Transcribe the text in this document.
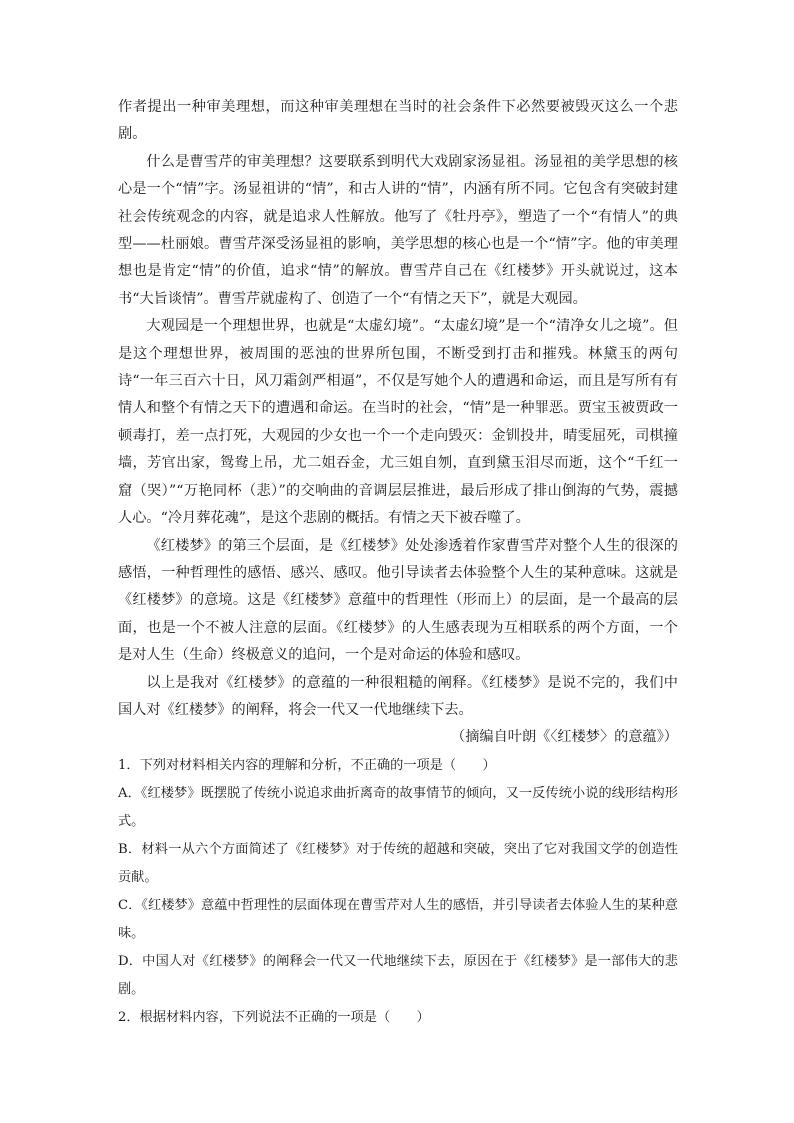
作者提出一种审美理想，而这种审美理想在当时的社会条件下必然要被毁灭这么一个悲剧。

什么是曹雪芹的审美理想？这要联系到明代大戏剧家汤显祖。汤显祖的美学思想的核心是一个“情”字。汤显祖讲的“情”，和古人讲的“情”，内涵有所不同。它包含有突破封建社会传统观念的内容，就是追求人性解放。他写了《牡丹亭》，塑造了一个“有情人”的典型——杜丽娘。曹雪芹深受汤显祖的影响，美学思想的核心也是一个“情”字。他的审美理想也是肯定“情”的价值，追求“情”的解放。曹雪芹自己在《红楼梦》开头就说过，这本书“大旨谈情”。曹雪芹就虚构了、创造了一个“有情之天下”，就是大观园。

大观园是一个理想世界，也就是“太虚幻境”。“太虚幻境”是一个“清净女儿之境”。但是这个理想世界，被周围的恶浊的世界所包围，不断受到打击和摧残。林黛玉的两句诗“一年三百六十日，风刀霜剑严相逼”，不仅是写她个人的遭遇和命运，而且是写所有有情人和整个有情之天下的遭遇和命运。在当时的社会，“情”是一种罪恶。贾宝玉被贾政一顿毒打，差一点打死，大观园的少女也一个一个走向毁灭：金钏投井，晴雯屈死，司棋撞墙，芳官出家，鸳鸯上吊，尤二姐吞金，尤三姐自刎，直到黛玉泪尽而逝，这个“千红一窟（哭）”“万艳同杯（悲）”的交响曲的音调层层推进，最后形成了排山倒海的气势，震撼人心。“冷月葬花魂”，是这个悲剧的概括。有情之天下被吞噬了。

《红楼梦》的第三个层面，是《红楼梦》处处渗透着作家曹雪芹对整个人生的很深的感悟，一种哲理性的感悟、感兴、感叹。他引导读者去体验整个人生的某种意味。这就是《红楼梦》的意境。这是《红楼梦》意蕴中的哲理性（形而上）的层面，是一个最高的层面，也是一个不被人注意的层面。《红楼梦》的人生感表现为互相联系的两个方面，一个是对人生（生命）终极意义的追问，一个是对命运的体验和感叹。

以上是我对《红楼梦》的意蕴的一种很粗糙的阐释。《红楼梦》是说不完的，我们中国人对《红楼梦》的阐释，将会一代又一代地继续下去。

（摘编自叶朗《〈红楼梦〉的意蕴》）

1．下列对材料相关内容的理解和分析，不正确的一项是（　　）

A．《红楼梦》既摆脱了传统小说追求曲折离奇的故事情节的倾向，又一反传统小说的线形结构形式。

B．材料一从六个方面简述了《红楼梦》对于传统的超越和突破，突出了它对我国文学的创造性贡献。

C．《红楼梦》意蕴中哲理性的层面体现在曹雪芹对人生的感悟，并引导读者去体验人生的某种意味。

D．中国人对《红楼梦》的阐释会一代又一代地继续下去，原因在于《红楼梦》是一部伟大的悲剧。

2．根据材料内容，下列说法不正确的一项是（　　）
